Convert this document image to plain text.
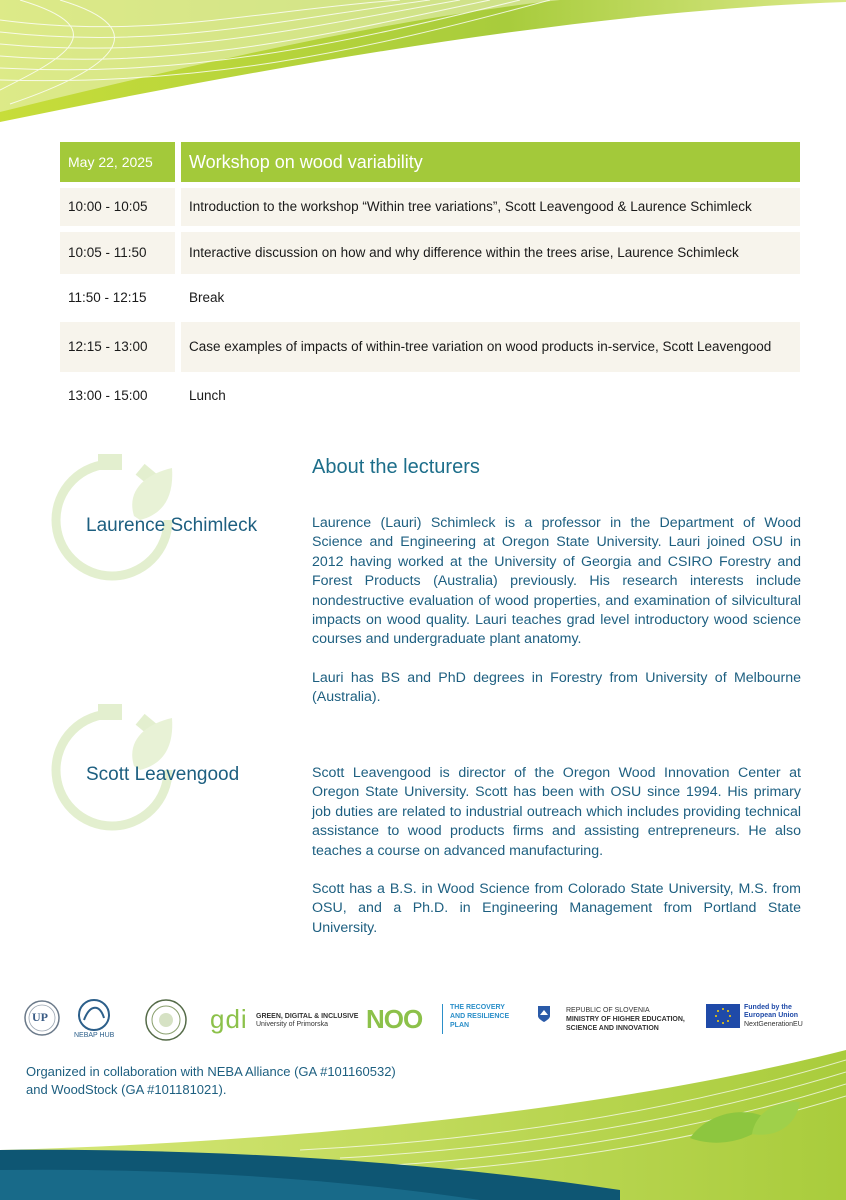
May 22, 2025	Workshop on wood variability
10:00 - 10:05	Introduction to the workshop “Within tree variations”, Scott Leavengood & Laurence Schimleck
10:05 - 11:50	Interactive discussion on how and why difference within the trees arise, Laurence Schimleck
11:50 - 12:15	Break
12:15 - 13:00	Case examples of impacts of within-tree variation on wood products in-service, Scott Leavengood
13:00 - 15:00	Lunch
About the lecturers
Laurence Schimleck	Laurence (Lauri) Schimleck is a professor in the Department of Wood Science and Engineering at Oregon State University. Lauri joined OSU in 2012 having worked at the University of Georgia and CSIRO Forestry and Forest Products (Australia) previously. His research interests include nondestructive evaluation of wood properties, and examination of silvicultural impacts on wood quality. Lauri teaches grad level introductory wood science courses and undergraduate plant anatomy.

Lauri has BS and PhD degrees in Forestry from University of Melbourne (Australia).

Scott Leavengood	Scott Leavengood is director of the Oregon Wood Innovation Center at Oregon State University. Scott has been with OSU since 1994. His primary job duties are related to industrial outreach which includes providing technical assistance to wood products firms and assisting entrepreneurs. He also teaches a course on advanced manufacturing.

Scott has a B.S. in Wood Science from Colorado State University, M.S. from OSU, and a Ph.D. in Engineering Management from Portland State University.

UP
NEBAP HUB
gdi GREEN, DIGITAL & INCLUSIVE
University of Primorska NOO	THE RECOVERY
AND RESILIENCE
PLAN
REPUBLIC OF SLOVENIA
MINISTRY OF HIGHER EDUCATION,
SCIENCE AND INNOVATION
Funded by the
European Union
NextGenerationEU
Organized in collaboration with NEBA Alliance (GA #101160532)
and WoodStock (GA #101181021).
